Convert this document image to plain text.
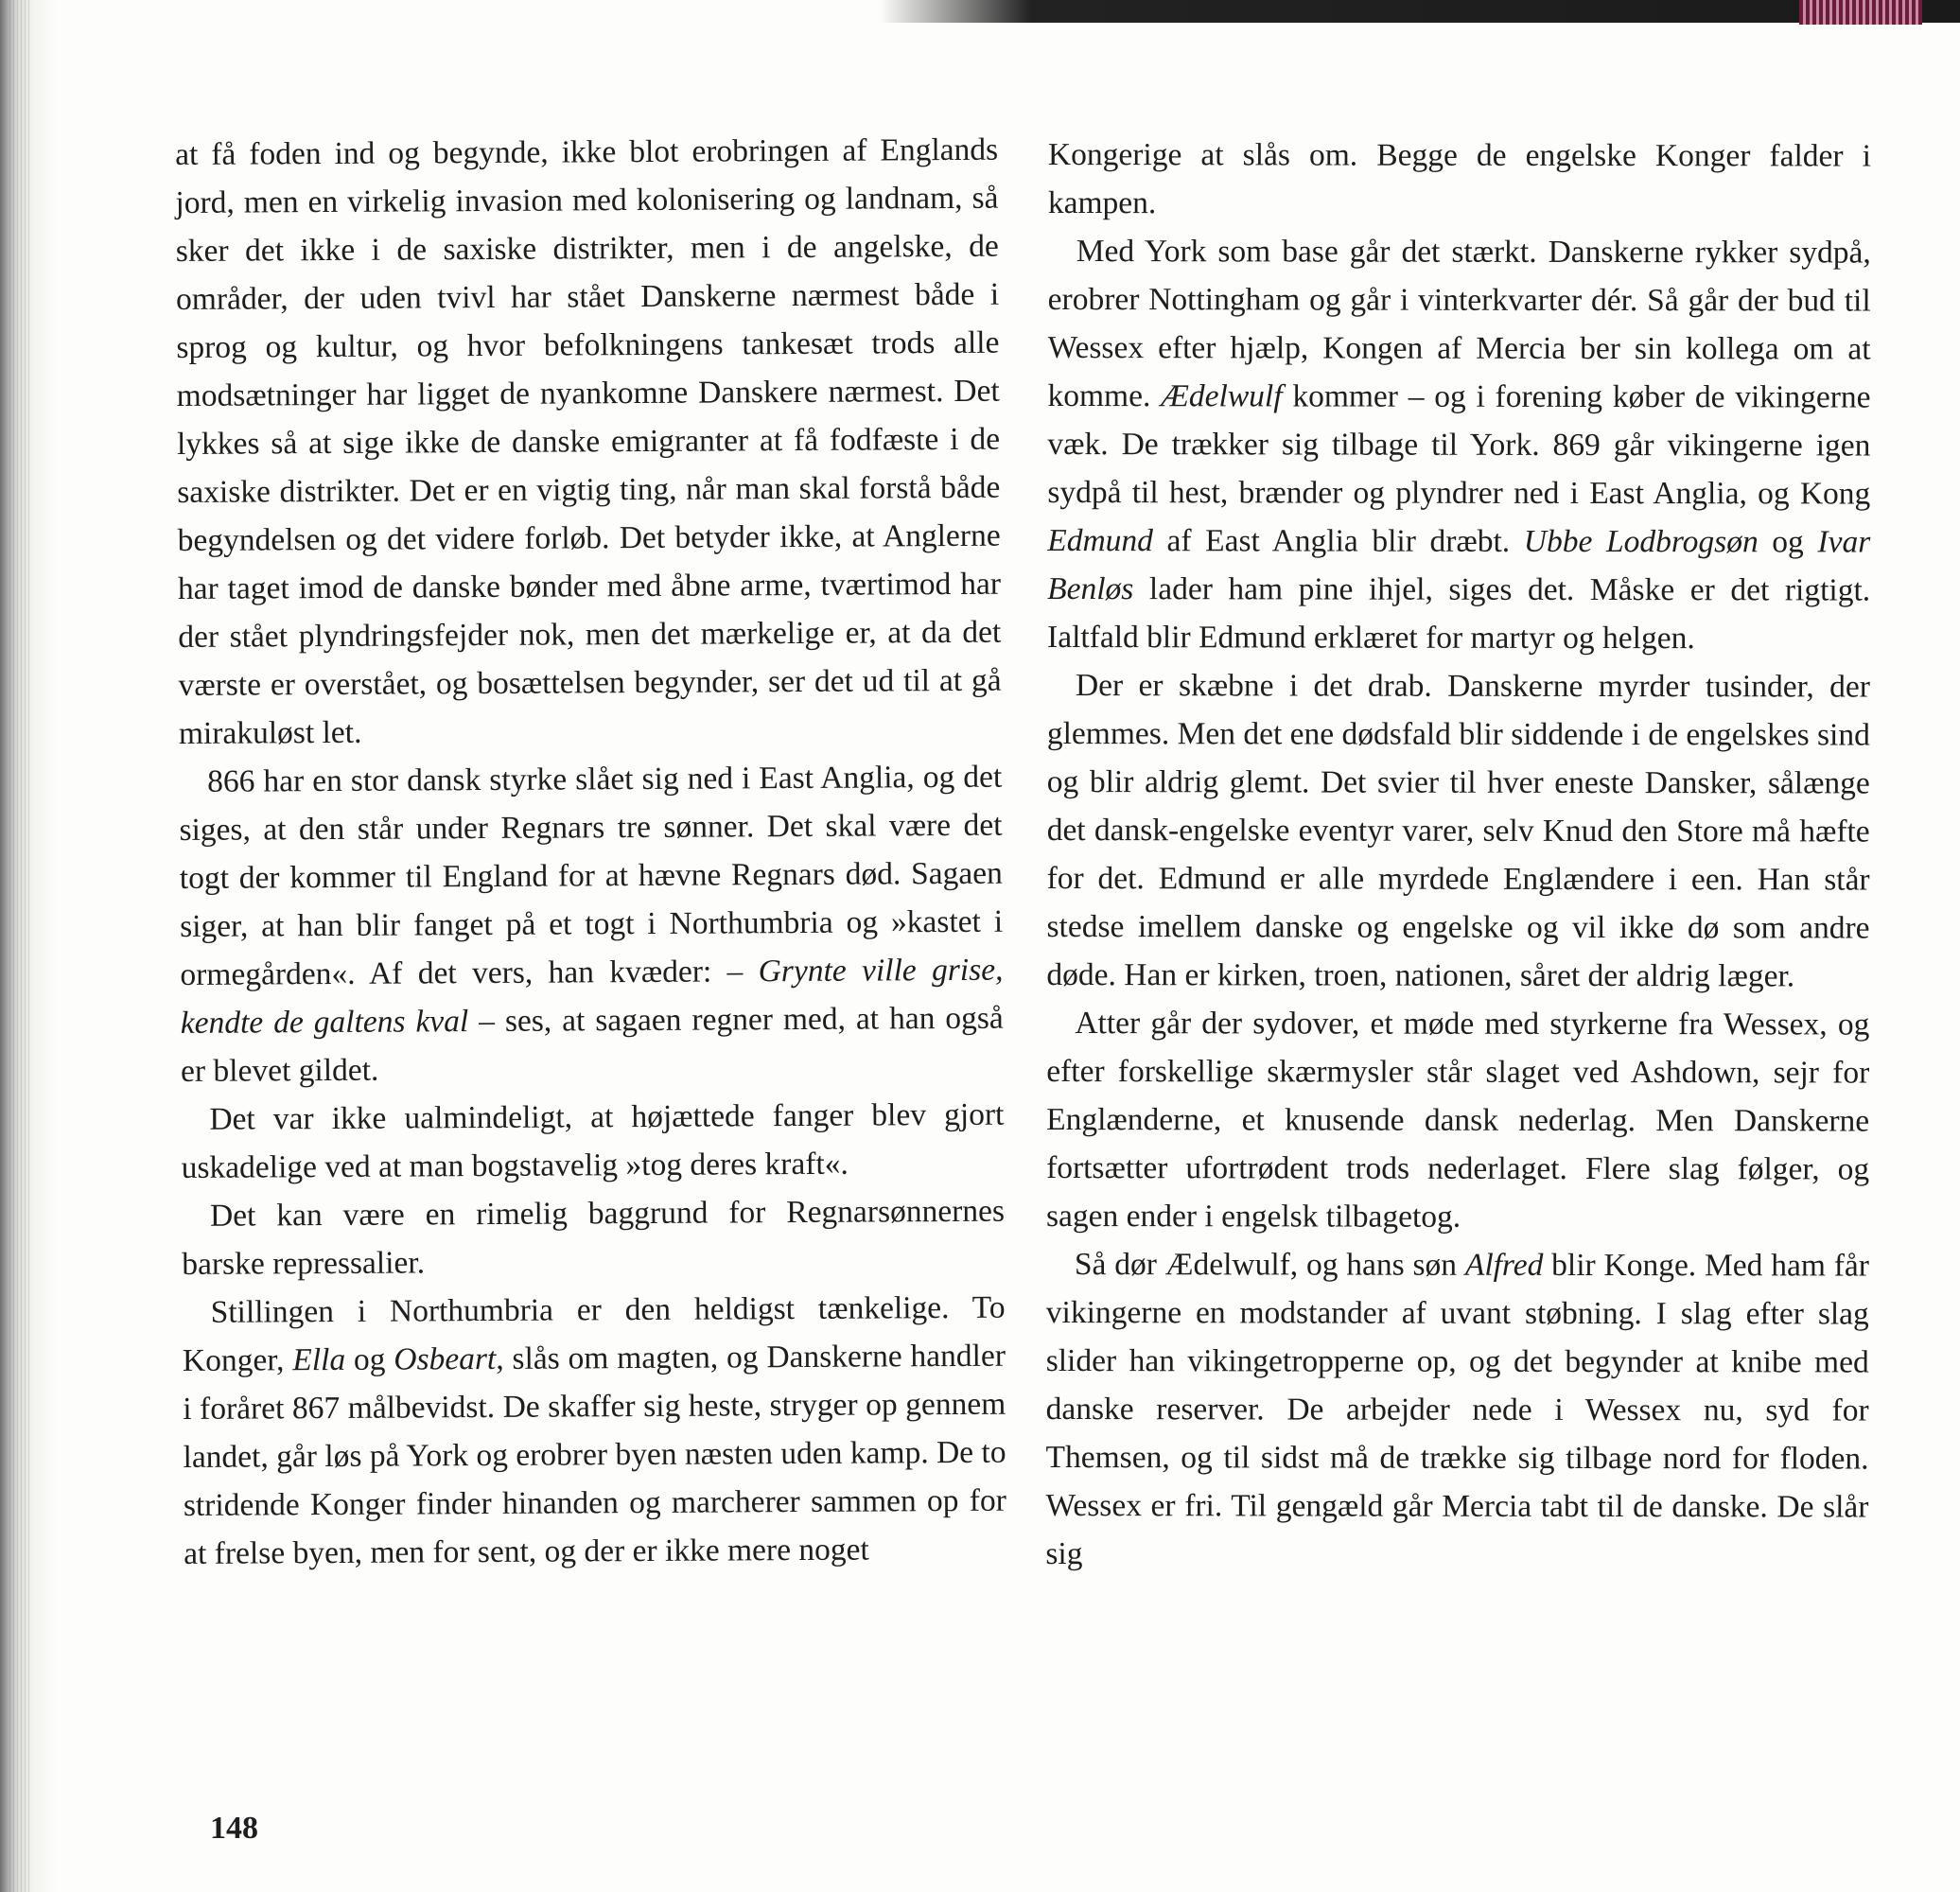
at få foden ind og begynde, ikke blot erobringen af Englands jord, men en virkelig invasion med kolonisering og landnam, så sker det ikke i de saxiske distrikter, men i de angelske, de områder, der uden tvivl har stået Danskerne nærmest både i sprog og kultur, og hvor befolkningens tankesæt trods alle modsætninger har ligget de nyankomne Danskere nærmest. Det lykkes så at sige ikke de danske emigranter at få fodfæste i de saxiske distrikter. Det er en vigtig ting, når man skal forstå både begyndelsen og det videre forløb. Det betyder ikke, at Anglerne har taget imod de danske bønder med åbne arme, tværtimod har der stået plyndringsfejder nok, men det mærkelige er, at da det værste er overstået, og bosættelsen begynder, ser det ud til at gå mirakuløst let.

866 har en stor dansk styrke slået sig ned i East Anglia, og det siges, at den står under Regnars tre sønner. Det skal være det togt der kommer til England for at hævne Regnars død. Sagaen siger, at han blir fanget på et togt i Northumbria og »kastet i ormegården«. Af det vers, han kvæder: – Grynte ville grise, kendte de galtens kval – ses, at sagaen regner med, at han også er blevet gildet.

Det var ikke ualmindeligt, at højættede fanger blev gjort uskadelige ved at man bogstavelig »tog deres kraft«.

Det kan være en rimelig baggrund for Regnarsønnernes barske repressalier.

Stillingen i Northumbria er den heldigst tænkelige. To Konger, Ella og Osbeart, slås om magten, og Danskerne handler i foråret 867 målbevidst. De skaffer sig heste, stryger op gennem landet, går løs på York og erobrer byen næsten uden kamp. De to stridende Konger finder hinanden og marcherer sammen op for at frelse byen, men for sent, og der er ikke mere noget

Kongerige at slås om. Begge de engelske Konger falder i kampen.

Med York som base går det stærkt. Danskerne rykker sydpå, erobrer Nottingham og går i vinterkvarter dér. Så går der bud til Wessex efter hjælp, Kongen af Mercia ber sin kollega om at komme. Ædelwulf kommer – og i forening køber de vikingerne væk. De trækker sig tilbage til York. 869 går vikingerne igen sydpå til hest, brænder og plyndrer ned i East Anglia, og Kong Edmund af East Anglia blir dræbt. Ubbe Lodbrogsøn og Ivar Benløs lader ham pine ihjel, siges det. Måske er det rigtigt. Ialtfald blir Edmund erklæret for martyr og helgen.

Der er skæbne i det drab. Danskerne myrder tusinder, der glemmes. Men det ene dødsfald blir siddende i de engelskes sind og blir aldrig glemt. Det svier til hver eneste Dansker, sålænge det dansk-engelske eventyr varer, selv Knud den Store må hæfte for det. Edmund er alle myrdede Englændere i een. Han står stedse imellem danske og engelske og vil ikke dø som andre døde. Han er kirken, troen, nationen, såret der aldrig læger.

Atter går der sydover, et møde med styrkerne fra Wessex, og efter forskellige skærmysler står slaget ved Ashdown, sejr for Englænderne, et knusende dansk nederlag. Men Danskerne fortsætter ufortrødent trods nederlaget. Flere slag følger, og sagen ender i engelsk tilbagetog.

Så dør Ædelwulf, og hans søn Alfred blir Konge. Med ham får vikingerne en modstander af uvant støbning. I slag efter slag slider han vikingetropperne op, og det begynder at knibe med danske reserver. De arbejder nede i Wessex nu, syd for Themsen, og til sidst må de trække sig tilbage nord for floden. Wessex er fri. Til gengæld går Mercia tabt til de danske. De slår sig

148
